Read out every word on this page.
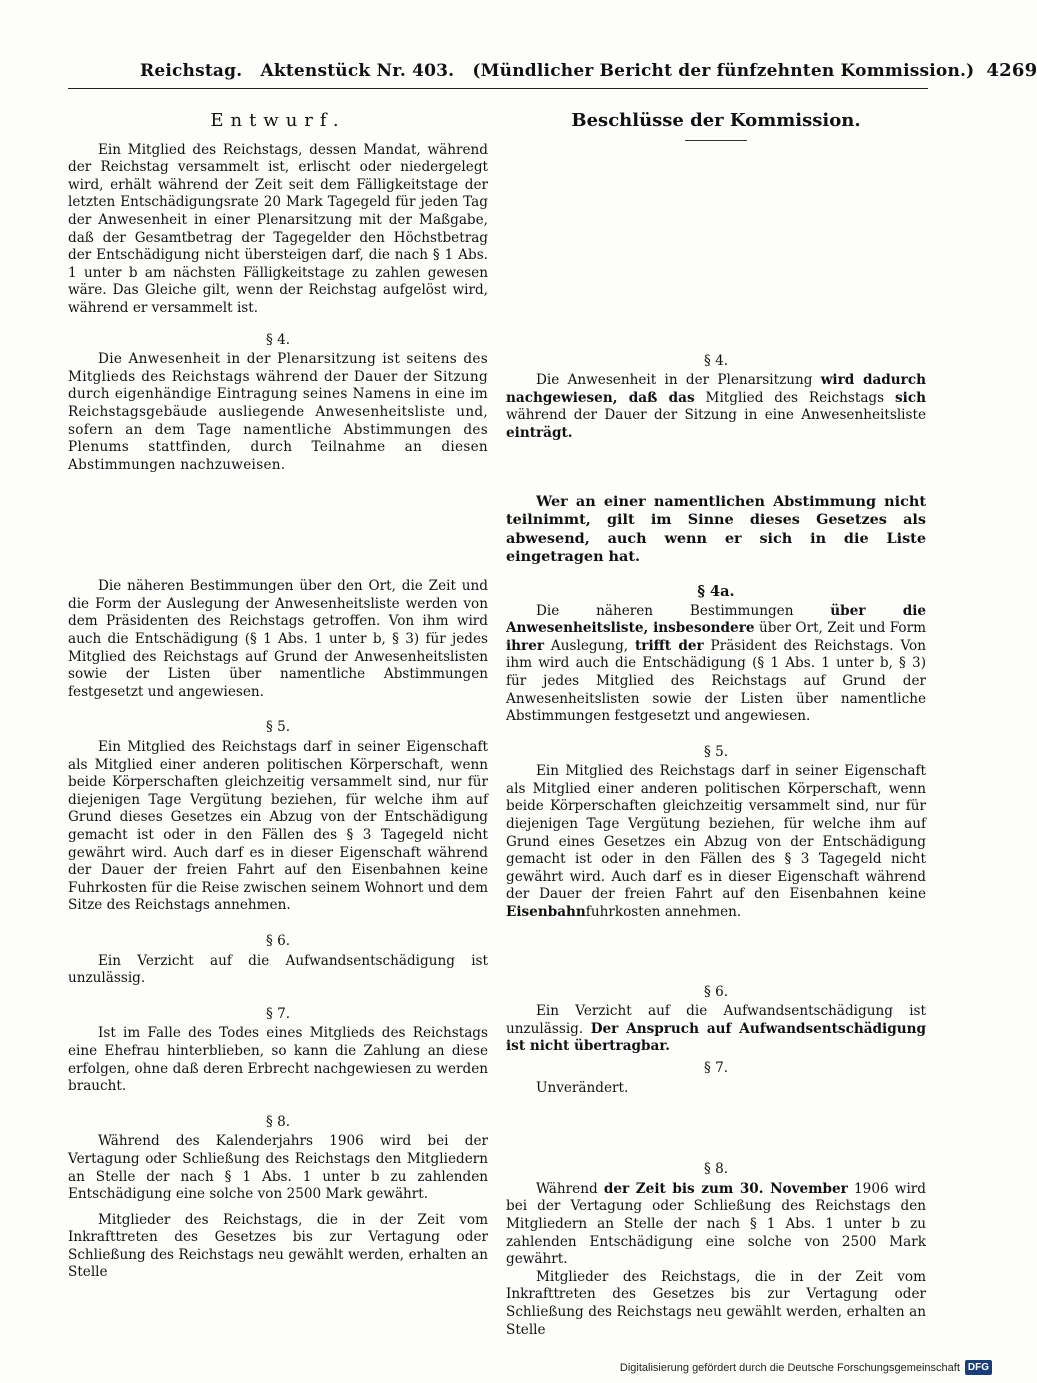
Reichstag. Aktenstück Nr. 403. (Mündlicher Bericht der fünfzehnten Kommission.) 4269
Entwurf.

Ein Mitglied des Reichstags, dessen Mandat, während der Reichstag versammelt ist, erlischt oder niedergelegt wird, erhält während der Zeit seit dem Fälligkeitstage der letzten Entschädigungsrate 20 Mark Tagegeld für jeden Tag der Anwesenheit in einer Plenarsitzung mit der Maßgabe, daß der Gesamtbetrag der Tagegelder den Höchstbetrag der Entschädigung nicht übersteigen darf, die nach § 1 Abs. 1 unter b am nächsten Fälligkeitstage zu zahlen gewesen wäre. Das Gleiche gilt, wenn der Reichstag aufgelöst wird, während er versammelt ist.

§ 4.

Die Anwesenheit in der Plenarsitzung ist seitens des Mitglieds des Reichstags während der Dauer der Sitzung durch eigenhändige Eintragung seines Namens in eine im Reichstagsgebäude ausliegende Anwesenheitsliste und, sofern an dem Tage namentliche Abstimmungen des Plenums stattfinden, durch Teilnahme an diesen Abstimmungen nachzuweisen.

Die näheren Bestimmungen über den Ort, die Zeit und die Form der Auslegung der Anwesenheitsliste werden von dem Präsidenten des Reichstags getroffen. Von ihm wird auch die Entschädigung (§ 1 Abs. 1 unter b, § 3) für jedes Mitglied des Reichstags auf Grund der Anwesenheitslisten sowie der Listen über namentliche Abstimmungen festgesetzt und angewiesen.

§ 5.

Ein Mitglied des Reichstags darf in seiner Eigenschaft als Mitglied einer anderen politischen Körperschaft, wenn beide Körperschaften gleichzeitig versammelt sind, nur für diejenigen Tage Vergütung beziehen, für welche ihm auf Grund dieses Gesetzes ein Abzug von der Entschädigung gemacht ist oder in den Fällen des § 3 Tagegeld nicht gewährt wird. Auch darf es in dieser Eigenschaft während der Dauer der freien Fahrt auf den Eisenbahnen keine Fuhrkosten für die Reise zwischen seinem Wohnort und dem Sitze des Reichstags annehmen.

§ 6.

Ein Verzicht auf die Aufwandsentschädigung ist unzulässig.

§ 7.

Ist im Falle des Todes eines Mitglieds des Reichstags eine Ehefrau hinterblieben, so kann die Zahlung an diese erfolgen, ohne daß deren Erbrecht nachgewiesen zu werden braucht.

§ 8.

Während des Kalenderjahrs 1906 wird bei der Vertagung oder Schließung des Reichstags den Mitgliedern an Stelle der nach § 1 Abs. 1 unter b zu zahlenden Entschädigung eine solche von 2500 Mark gewährt.

Mitglieder des Reichstags, die in der Zeit vom Inkrafttreten des Gesetzes bis zur Vertagung oder Schließung des Reichstags neu gewählt werden, erhalten an Stelle

Beschlüsse der Kommission.
§ 4.

Die Anwesenheit in der Plenarsitzung wird dadurch nachgewiesen, daß das Mitglied des Reichstags sich während der Dauer der Sitzung in eine Anwesenheitsliste einträgt.

Wer an einer namentlichen Abstimmung nicht teilnimmt, gilt im Sinne dieses Gesetzes als abwesend, auch wenn er sich in die Liste eingetragen hat.

§ 4a.

Die näheren Bestimmungen	über die Anwesenheitsliste, insbesondere über Ort, Zeit und Form ihrer Auslegung, trifft der Präsident des Reichstags. Von ihm wird auch die Entschädigung (§ 1 Abs. 1 unter b, § 3) für jedes Mitglied des Reichstags auf Grund der Anwesenheitslisten sowie der Listen über namentliche Abstimmungen festgesetzt und angewiesen.

§ 5.

Ein Mitglied des Reichstags darf in seiner Eigenschaft als Mitglied einer anderen politischen Körperschaft, wenn beide Körperschaften gleichzeitig versammelt sind, nur für diejenigen Tage Vergütung beziehen, für welche ihm auf Grund eines Gesetzes ein Abzug von der Entschädigung gemacht ist oder in den Fällen des § 3 Tagegeld nicht gewährt wird. Auch darf es in dieser Eigenschaft während der Dauer der freien Fahrt auf den Eisenbahnen keine Eisenbahnfuhrkosten annehmen.

§ 6.

Ein Verzicht auf die Aufwandsentschädigung ist unzulässig. Der Anspruch auf Aufwandsentschädigung ist nicht übertragbar.

§ 7.

Unverändert.

§ 8.

Während der Zeit bis zum 30. November 1906 wird bei der Vertagung oder Schließung des Reichstags den Mitgliedern an Stelle der nach § 1 Abs. 1 unter b zu zahlenden Entschädigung eine solche von 2500 Mark gewährt.

Mitglieder des Reichstags, die in der Zeit vom Inkrafttreten des Gesetzes bis zur Vertagung oder Schließung des Reichstags neu gewählt werden, erhalten an Stelle

Digitalisierung gefördert durch die Deutsche Forschungsgemeinschaft DFG
